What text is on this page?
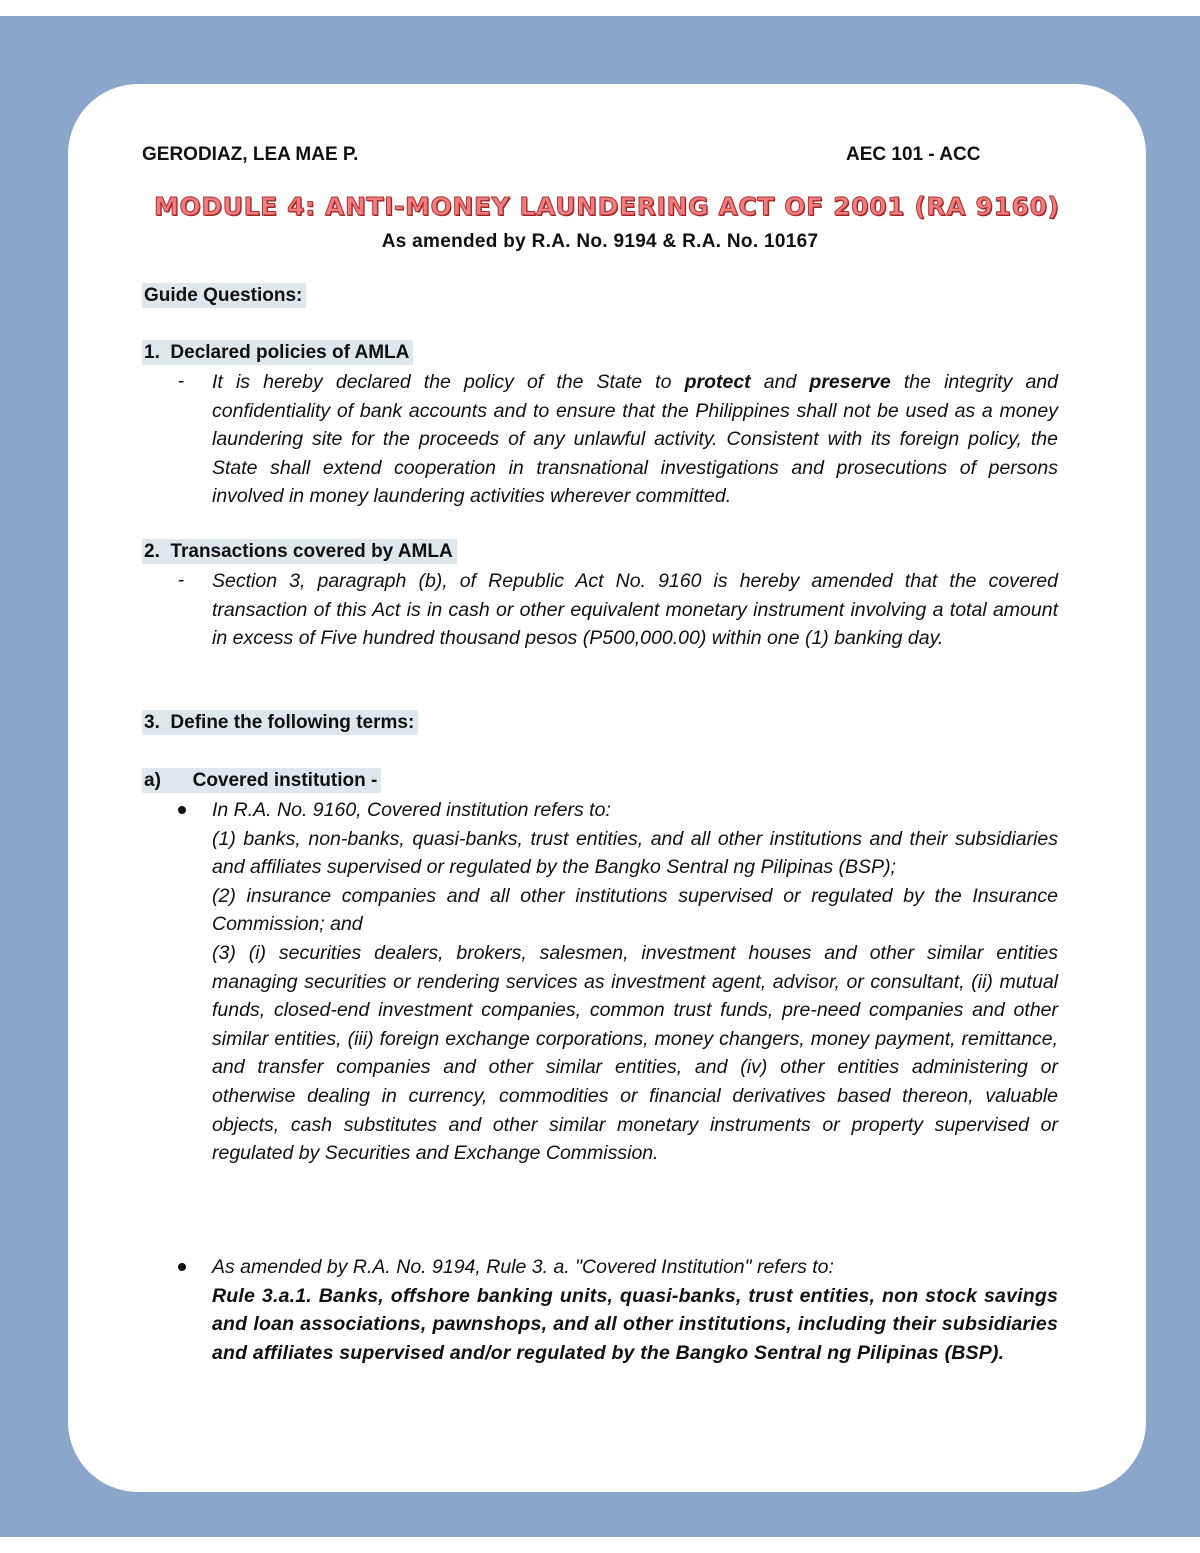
GERODIAZ, LEA MAE P.	AEC 101 - ACC
MODULE 4: ANTI-MONEY LAUNDERING ACT OF 2001 (RA 9160)
As amended by R.A. No. 9194 & R.A. No. 10167
Guide Questions:
1. Declared policies of AMLA
- It is hereby declared the policy of the State to protect and preserve the integrity and confidentiality of bank accounts and to ensure that the Philippines shall not be used as a money laundering site for the proceeds of any unlawful activity. Consistent with its foreign policy, the State shall extend cooperation in transnational investigations and prosecutions of persons involved in money laundering activities wherever committed.
2. Transactions covered by AMLA
- Section 3, paragraph (b), of Republic Act No. 9160 is hereby amended that the covered transaction of this Act is in cash or other equivalent monetary instrument involving a total amount in excess of Five hundred thousand pesos (P500,000.00) within one (1) banking day.
3. Define the following terms:
a) Covered institution -
In R.A. No. 9160, Covered institution refers to:
(1) banks, non-banks, quasi-banks, trust entities, and all other institutions and their subsidiaries and affiliates supervised or regulated by the Bangko Sentral ng Pilipinas (BSP);
(2) insurance companies and all other institutions supervised or regulated by the Insurance Commission; and
(3) (i) securities dealers, brokers, salesmen, investment houses and other similar entities managing securities or rendering services as investment agent, advisor, or consultant, (ii) mutual funds, closed-end investment companies, common trust funds, pre-need companies and other similar entities, (iii) foreign exchange corporations, money changers, money payment, remittance, and transfer companies and other similar entities, and (iv) other entities administering or otherwise dealing in currency, commodities or financial derivatives based thereon, valuable objects, cash substitutes and other similar monetary instruments or property supervised or regulated by Securities and Exchange Commission.
As amended by R.A. No. 9194, Rule 3. a. "Covered Institution" refers to:
Rule 3.a.1. Banks, offshore banking units, quasi-banks, trust entities, non stock savings and loan associations, pawnshops, and all other institutions, including their subsidiaries and affiliates supervised and/or regulated by the Bangko Sentral ng Pilipinas (BSP).
